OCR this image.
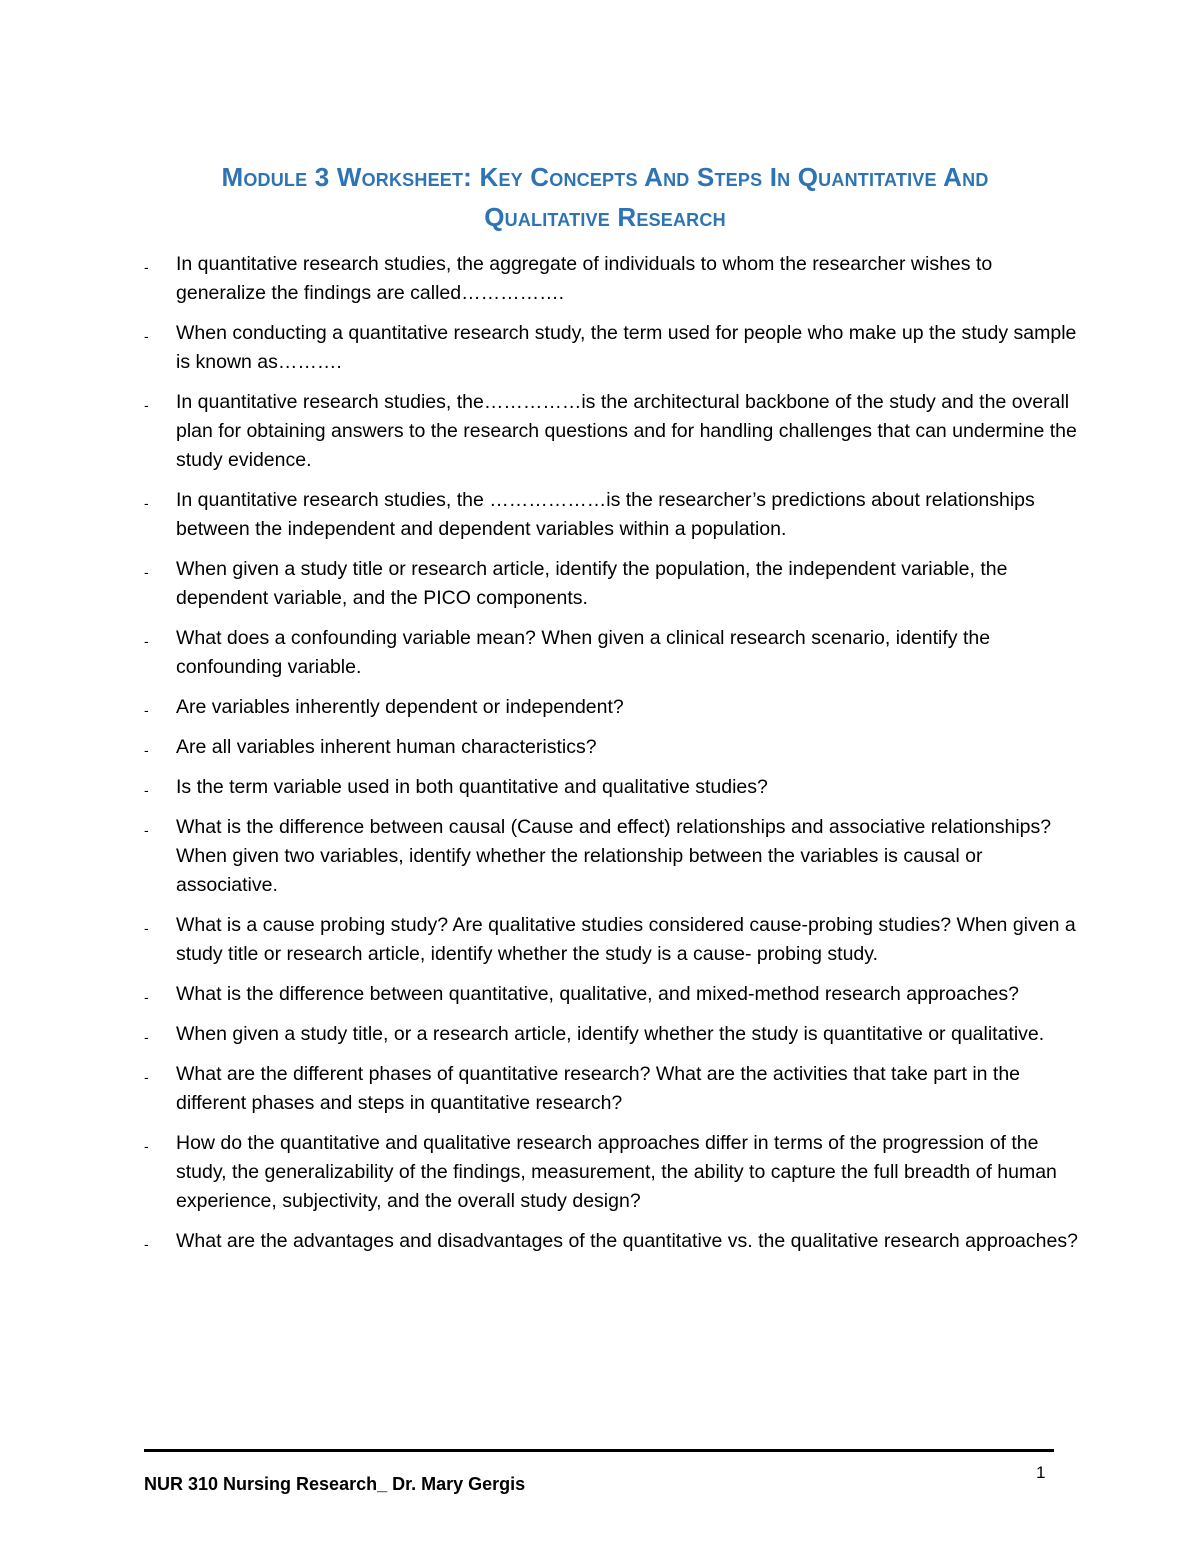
Module 3 Worksheet: Key Concepts And Steps In Quantitative And
Qualitative Research
-	In quantitative research studies, the aggregate of individuals to whom the researcher wishes to generalize the findings are called…………….
-	When conducting a quantitative research study, the term used for people who make up the study sample is known as……….
-	In quantitative research studies, the……………is the architectural backbone of the study and the overall plan for obtaining answers to the research questions and for handling challenges that can undermine the study evidence.
-	In quantitative research studies, the ………………is the researcher’s predictions about relationships between the independent and dependent variables within a population.
-	When given a study title or research article, identify the population, the independent variable, the dependent variable, and the PICO components.
-	What does a confounding variable mean? When given a clinical research scenario, identify the confounding variable.
-	Are variables inherently dependent or independent?
-	Are all variables inherent human characteristics?
-	Is the term variable used in both quantitative and qualitative studies?
-	What is the difference between causal (Cause and effect) relationships and associative relationships? When given two variables, identify whether the relationship between the variables is causal or associative.
-	What is a cause probing study? Are qualitative studies considered cause-probing studies? When given a study title or research article, identify whether the study is a cause- probing study.
-	What is the difference between quantitative, qualitative, and mixed-method research approaches?
-	When given a study title, or a research article, identify whether the study is quantitative or qualitative.
-	What are the different phases of quantitative research? What are the activities that take part in the different phases and steps in quantitative research?
-	How do the quantitative and qualitative research approaches differ in terms of the progression of the study, the generalizability of the findings, measurement, the ability to capture the full breadth of human experience, subjectivity, and the overall study design?
-	What are the advantages and disadvantages of the quantitative vs. the qualitative research approaches?
NUR 310 Nursing Research_ Dr. Mary Gergis
1
